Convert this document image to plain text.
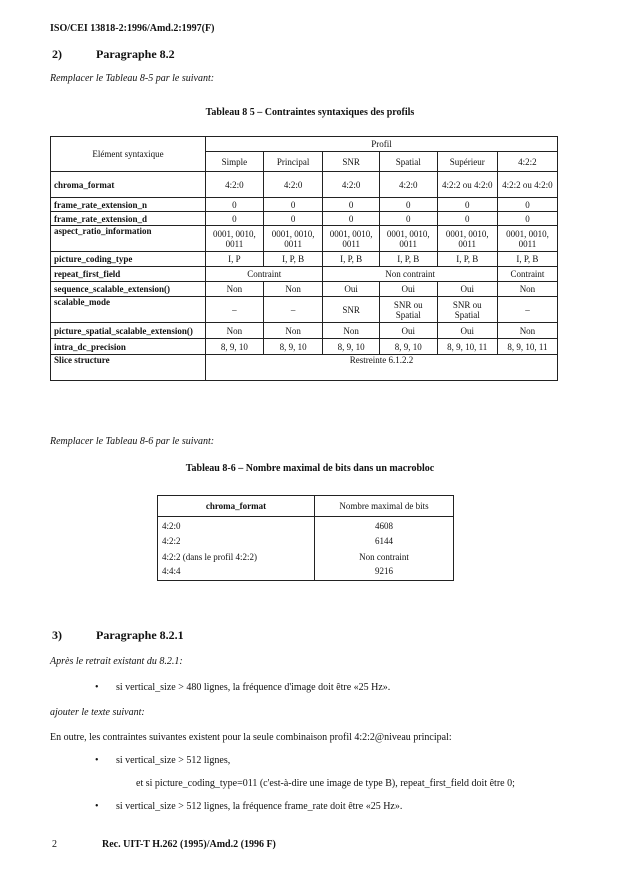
ISO/CEI 13818-2:1996/Amd.2:1997(F)
2)	Paragraphe 8.2
Remplacer le Tableau 8-5 par le suivant:
Tableau 8 5 – Contraintes syntaxiques des profils
Elément syntaxique	Profil					
	Simple	Principal	SNR	Spatial	Supérieur	4:2:2
chroma_format	4:2:0	4:2:0	4:2:0	4:2:0	4:2:2 ou 4:2:0	4:2:2 ou 4:2:0
frame_rate_extension_n	0	0	0	0	0	0
frame_rate_extension_d	0	0	0	0	0	0
aspect_ratio_information	0001, 0010, 0011	0001, 0010, 0011	0001, 0010, 0011	0001, 0010, 0011	0001, 0010, 0011	0001, 0010, 0011
picture_coding_type	I, P	I, P, B	I, P, B	I, P, B	I, P, B	I, P, B
repeat_first_field	Contraint		Non contraint			Contraint
sequence_scalable_extension()	Non	Non	Oui	Oui	Oui	Non
scalable_mode	–	–	SNR	SNR ou Spatial	SNR ou Spatial	–
picture_spatial_scalable_extension()	Non	Non	Non	Oui	Oui	Non
intra_dc_precision	8, 9, 10	8, 9, 10	8, 9, 10	8, 9, 10	8, 9, 10, 11	8, 9, 10, 11
Slice structure	Restreinte 6.1.2.2					
Remplacer le Tableau 8-6 par le suivant:
Tableau 8-6 – Nombre maximal de bits dans un macrobloc
chroma_format	Nombre maximal de bits
4:2:0	4608
4:2:2	6144
4:2:2 (dans le profil 4:2:2)	Non contraint
4:4:4	9216
3)	Paragraphe 8.2.1
Après le retrait existant du 8.2.1:
• si vertical_size > 480 lignes, la fréquence d'image doit être «25 Hz».
ajouter le texte suivant:
En outre, les contraintes suivantes existent pour la seule combinaison profil 4:2:2@niveau principal:
• si vertical_size > 512 lignes,
et si picture_coding_type=011 (c'est-à-dire une image de type B), repeat_first_field doit être 0;
• si vertical_size > 512 lignes, la fréquence frame_rate doit être «25 Hz».
2	Rec. UIT-T H.262 (1995)/Amd.2 (1996 F)
